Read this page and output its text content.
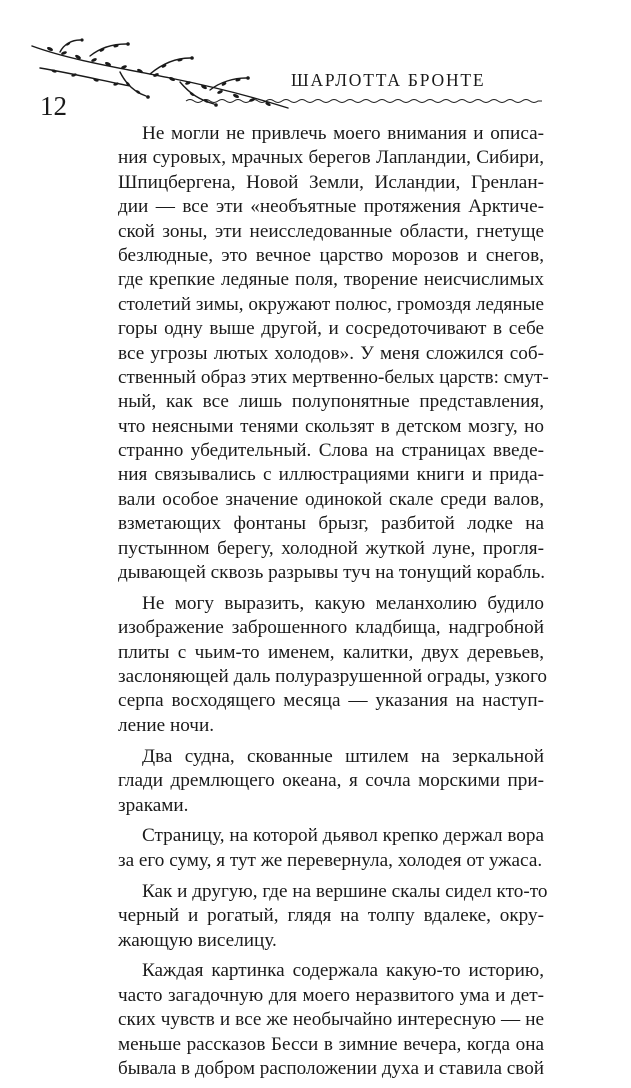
12
ШАРЛОТТА БРОНТЕ
Не могли не привлечь моего внимания и описа-
ния суровых, мрачных берегов Лапландии, Сибири,
Шпицбергена, Новой Земли, Исландии, Гренлан-
дии — все эти «необъятные протяжения Арктиче-
ской зоны, эти неисследованные области, гнетуще
безлюдные, это вечное царство морозов и снегов,
где крепкие ледяные поля, творение неисчислимых
столетий зимы, окружают полюс, громоздя ледяные
горы одну выше другой, и сосредоточивают в себе
все угрозы лютых холодов». У меня сложился соб-
ственный образ этих мертвенно-белых царств: смут-
ный, как все лишь полупонятные представления,
что неясными тенями скользят в детском мозгу, но
странно убедительный. Слова на страницах введе-
ния связывались с иллюстрациями книги и прида-
вали особое значение одинокой скале среди валов,
взметающих фонтаны брызг, разбитой лодке на
пустынном берегу, холодной жуткой луне, прогля-
дывающей сквозь разрывы туч на тонущий корабль.
Не могу выразить, какую меланхолию будило
изображение заброшенного кладбища, надгробной
плиты с чьим-то именем, калитки, двух деревьев,
заслоняющей даль полуразрушенной ограды, узкого
серпа восходящего месяца — указания на наступ-
ление ночи.
Два судна, скованные штилем на зеркальной
глади дремлющего океана, я сочла морскими при-
зраками.
Страницу, на которой дьявол крепко держал вора
за его суму, я тут же перевернула, холодея от ужаса.
Как и другую, где на вершине скалы сидел кто-то
черный и рогатый, глядя на толпу вдалеке, окру-
жающую виселицу.
Каждая картинка содержала какую-то историю,
часто загадочную для моего неразвитого ума и дет-
ских чувств и все же необычайно интересную — не
меньше рассказов Бесси в зимние вечера, когда она
бывала в добром расположении духа и ставила свой
